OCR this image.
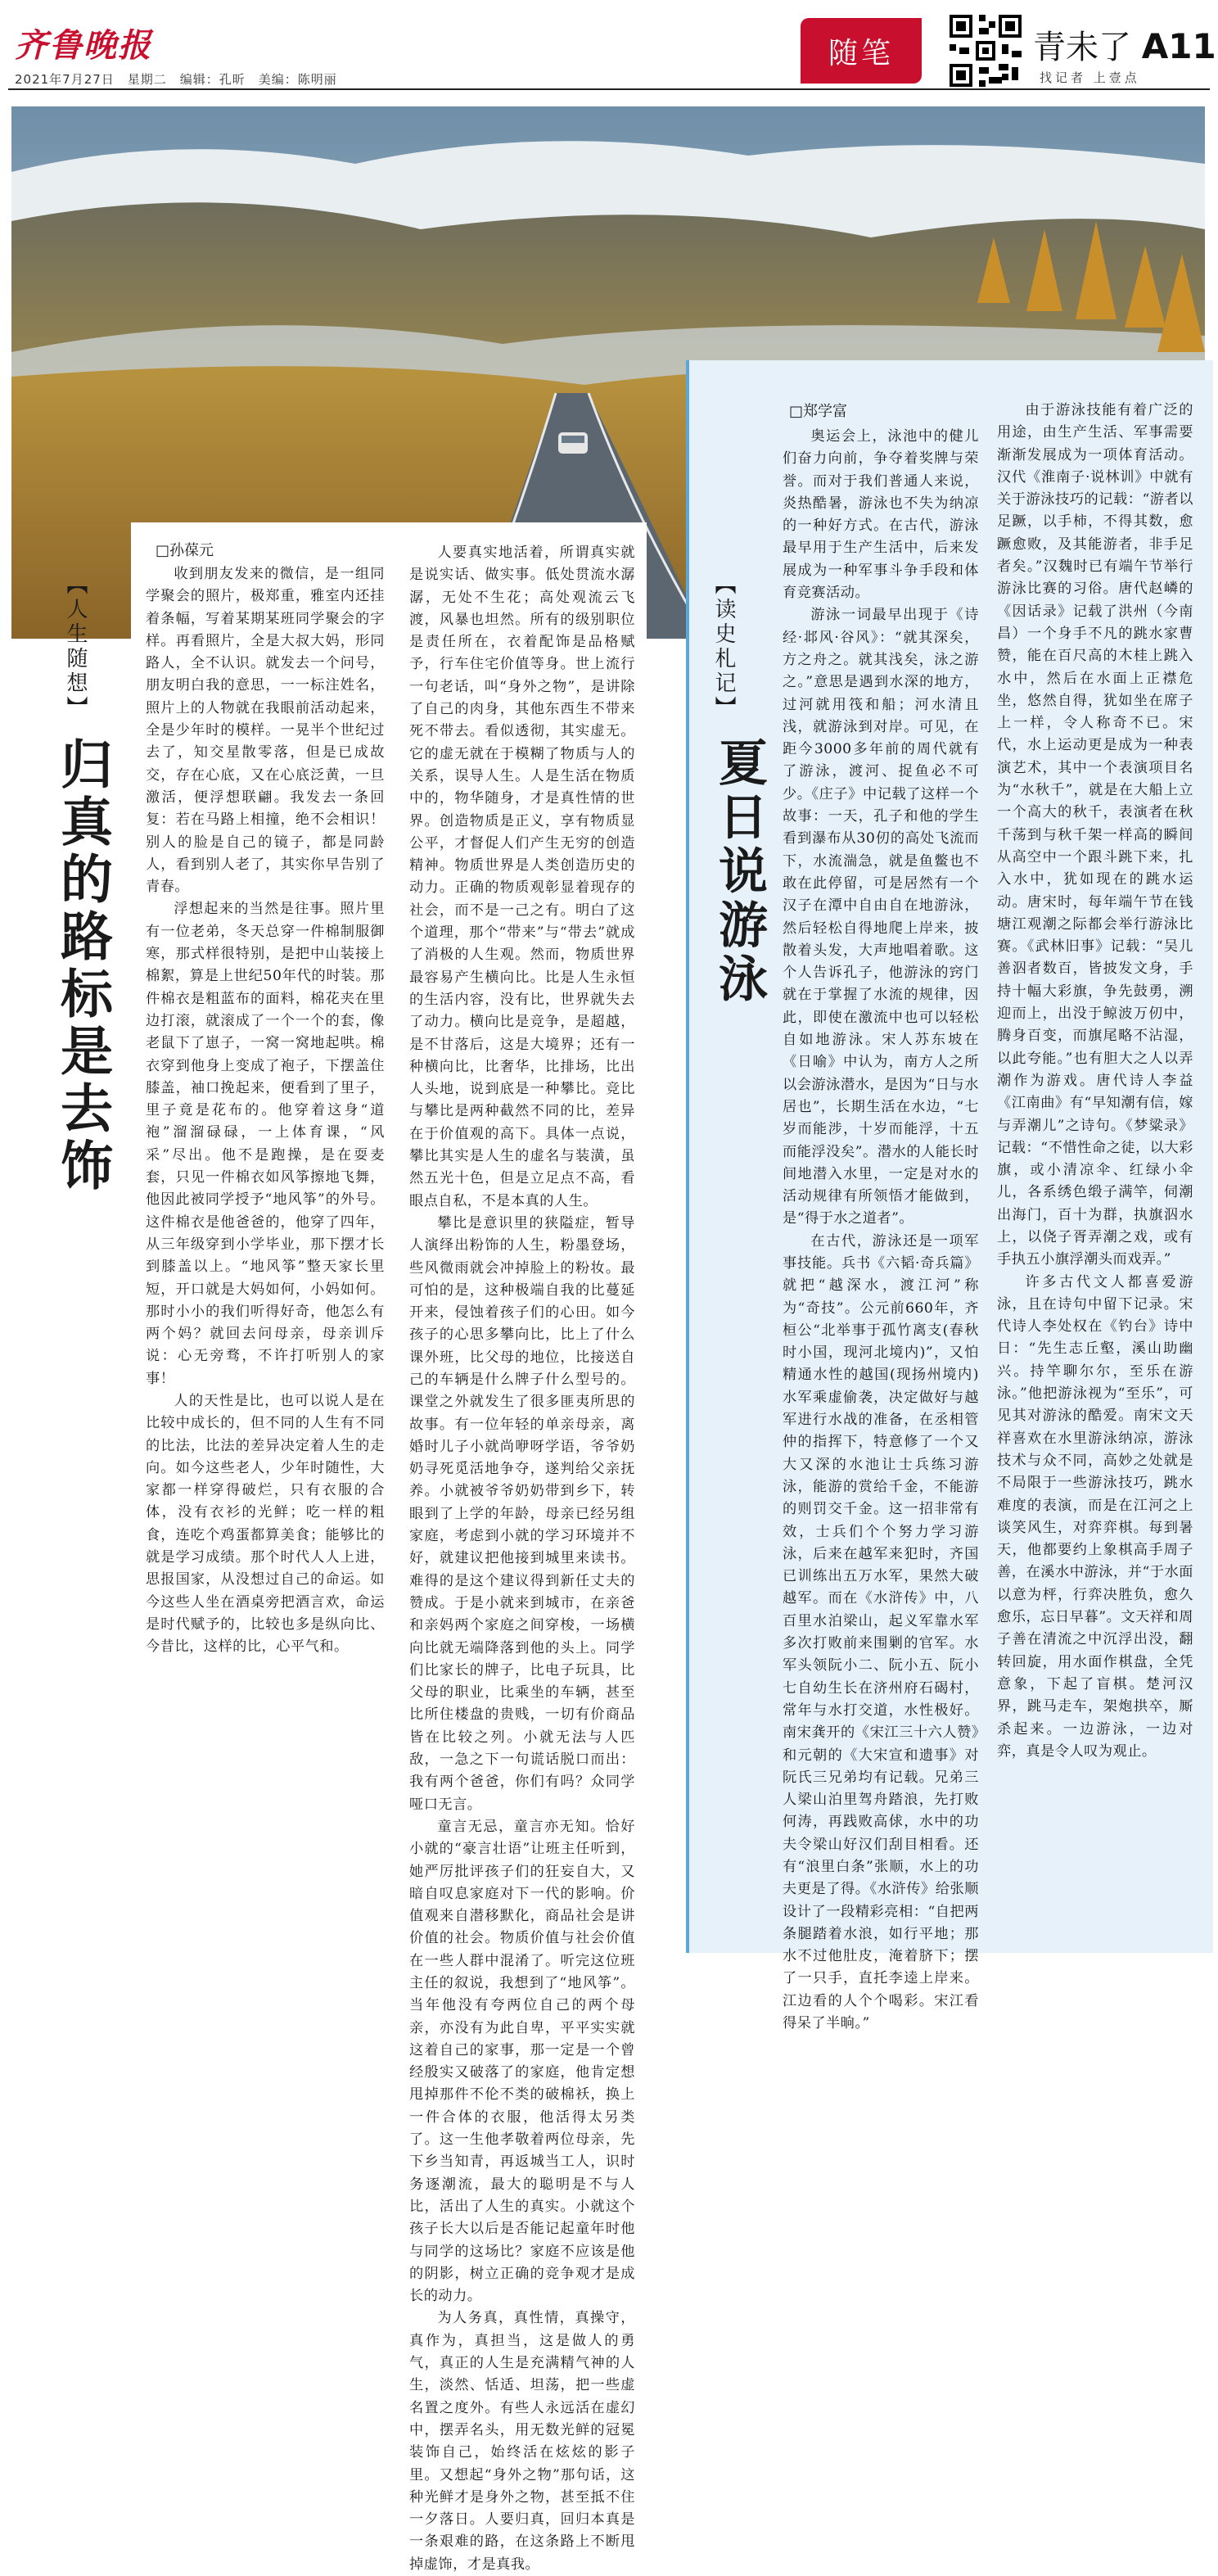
齐鲁晚报
2021年7月27日　星期二　编辑：孔昕　美编：陈明丽
随笔	青未了 A11
找记者 上壹点
【人生随想】
归真的路标是去饰
□孙葆元

收到朋友发来的微信，是一组同学聚会的照片，极郑重，雅室内还挂着条幅，写着某期某班同学聚会的字样。再看照片，全是大叔大妈，形同路人，全不认识。就发去一个问号，朋友明白我的意思，一一标注姓名，照片上的人物就在我眼前活动起来，全是少年时的模样。一晃半个世纪过去了，知交星散零落，但是已成故交，存在心底，又在心底泛黄，一旦激活，便浮想联翩。我发去一条回复：若在马路上相撞，绝不会相识！别人的脸是自己的镜子，都是同龄人，看到别人老了，其实你早告别了青春。

浮想起来的当然是往事。照片里有一位老弟，冬天总穿一件棉制服御寒，那式样很特别，是把中山装接上棉絮，算是上世纪50年代的时装。那件棉衣是粗蓝布的面料，棉花夹在里边打滚，就滚成了一个一个的套，像老鼠下了崽子，一窝一窝地起哄。棉衣穿到他身上变成了袍子，下摆盖住膝盖，袖口挽起来，便看到了里子，里子竟是花布的。他穿着这身“道袍”溜溜碌碌，一上体育课，“风采”尽出。他不是跑操，是在耍麦套，只见一件棉衣如风筝擦地飞舞，他因此被同学授予“地风筝”的外号。这件棉衣是他爸爸的，他穿了四年，从三年级穿到小学毕业，那下摆才长到膝盖以上。“地风筝”整天家长里短，开口就是大妈如何，小妈如何。那时小小的我们听得好奇，他怎么有两个妈？就回去问母亲，母亲训斥说：心无旁骛，不许打听别人的家事！

人的天性是比，也可以说人是在比较中成长的，但不同的人生有不同的比法，比法的差异决定着人生的走向。如今这些老人，少年时随性，大家都一样穿得破烂，只有衣服的合体，没有衣衫的光鲜；吃一样的粗食，连吃个鸡蛋都算美食；能够比的就是学习成绩。那个时代人人上进，思报国家，从没想过自己的命运。如今这些人坐在酒桌旁把酒言欢，命运是时代赋予的，比较也多是纵向比、今昔比，这样的比，心平气和。

人要真实地活着，所谓真实就是说实话、做实事。低处贯流水潺潺，无处不生花；高处观流云飞渡，风暴也坦然。所有的级别职位是责任所在，衣着配饰是品格赋予，行车住宅价值等身。世上流行一句老话，叫“身外之物”，是讲除了自己的肉身，其他东西生不带来死不带去。看似透彻，其实虚无。它的虚无就在于模糊了物质与人的关系，误导人生。人是生活在物质中的，物华随身，才是真性情的世界。创造物质是正义，享有物质显公平，才督促人们产生无穷的创造精神。物质世界是人类创造历史的动力。正确的物质观彰显着现存的社会，而不是一己之有。明白了这个道理，那个“带来”与“带去”就成了消极的人生观。然而，物质世界最容易产生横向比。比是人生永恒的生活内容，没有比，世界就失去了动力。横向比是竞争，是超越，是不甘落后，这是大境界；还有一种横向比，比奢华，比排场，比出人头地，说到底是一种攀比。竞比与攀比是两种截然不同的比，差异在于价值观的高下。具体一点说，攀比其实是人生的虚名与装潢，虽然五光十色，但是立足点不高，看眼点自私，不是本真的人生。

攀比是意识里的狭隘症，暂导人演绎出粉饰的人生，粉墨登场，些风微雨就会冲掉脸上的粉妆。最可怕的是，这种极端自我的比蔓延开来，侵蚀着孩子们的心田。如今孩子的心思多攀向比，比上了什么课外班，比父母的地位，比接送自己的车辆是什么牌子什么型号的。课堂之外就发生了很多匪夷所思的故事。有一位年轻的单亲母亲，离婚时儿子小就尚咿呀学语，爷爷奶奶寻死觅活地争夺，遂判给父亲抚养。小就被爷爷奶奶带到乡下，转眼到了上学的年龄，母亲已经另组家庭，考虑到小就的学习环境并不好，就建议把他接到城里来读书。难得的是这个建议得到新任丈夫的赞成。于是小就来到城市，在亲爸和亲妈两个家庭之间穿梭，一场横向比就无端降落到他的头上。同学们比家长的牌子，比电子玩具，比父母的职业，比乘坐的车辆，甚至比所住楼盘的贵贱，一切有价商品皆在比较之列。小就无法与人匹敌，一急之下一句谎话脱口而出：我有两个爸爸，你们有吗？众同学哑口无言。

童言无忌，童言亦无知。恰好小就的“豪言壮语”让班主任听到，她严厉批评孩子们的狂妄自大，又暗自叹息家庭对下一代的影响。价值观来自潜移默化，商品社会是讲价值的社会。物质价值与社会价值在一些人群中混淆了。听完这位班主任的叙说，我想到了“地风筝”。当年他没有夸两位自己的两个母亲，亦没有为此自卑，平平实实就这着自己的家事，那一定是一个曾经殷实又破落了的家庭，他肯定想甩掉那件不伦不类的破棉袄，换上一件合体的衣服，他活得太另类了。这一生他孝敬着两位母亲，先下乡当知青，再返城当工人，识时务逐潮流，最大的聪明是不与人比，活出了人生的真实。小就这个孩子长大以后是否能记起童年时他与同学的这场比？家庭不应该是他的阴影，树立正确的竞争观才是成长的动力。

为人务真，真性情，真操守，真作为，真担当，这是做人的勇气，真正的人生是充满精气神的人生，淡然、恬适、坦荡，把一些虚名置之度外。有些人永远活在虚幻中，摆弄名头，用无数光鲜的冠冕装饰自己，始终活在炫炫的影子里。又想起“身外之物”那句话，这种光鲜才是身外之物，甚至抵不住一夕落日。人要归真，回归本真是一条艰难的路，在这条路上不断甩掉虚饰，才是真我。

【读史札记】
夏日说游泳
□郑学富

奥运会上，泳池中的健儿们奋力向前，争夺着奖牌与荣誉。而对于我们普通人来说，炎热酷暑，游泳也不失为纳凉的一种好方式。在古代，游泳最早用于生产生活中，后来发展成为一种军事斗争手段和体育竞赛活动。

游泳一词最早出现于《诗经·邶风·谷风》：“就其深矣，方之舟之。就其浅矣，泳之游之。”意思是遇到水深的地方，过河就用筏和船；河水清且浅，就游泳到对岸。可见，在距今3000多年前的周代就有了游泳，渡河、捉鱼必不可少。《庄子》中记载了这样一个故事：一天，孔子和他的学生看到瀑布从30仞的高处飞流而下，水流湍急，就是鱼鳖也不敢在此停留，可是居然有一个汉子在潭中自由自在地游泳，然后轻松自得地爬上岸来，披散着头发，大声地唱着歌。这个人告诉孔子，他游泳的窍门就在于掌握了水流的规律，因此，即使在激流中也可以轻松自如地游泳。宋人苏东坡在《日喻》中认为，南方人之所以会游泳潜水，是因为“日与水居也”，长期生活在水边，“七岁而能涉，十岁而能浮，十五而能浮没矣”。潜水的人能长时间地潜入水里，一定是对水的活动规律有所领悟才能做到，是“得于水之道者”。

在古代，游泳还是一项军事技能。兵书《六韬·奇兵篇》就把“越深水，渡江河”称为“奇技”。公元前660年，齐桓公“北举事于孤竹离支(春秋时小国，现河北境内)”，又怕精通水性的越国(现扬州境内)水军乘虚偷袭，决定做好与越军进行水战的准备，在丞相管仲的指挥下，特意修了一个又大又深的水池让士兵练习游泳，能游的赏给千金，不能游的则罚交千金。这一招非常有效，士兵们个个努力学习游泳，后来在越军来犯时，齐国已训练出五万水军，果然大破越军。而在《水浒传》中，八百里水泊梁山，起义军靠水军多次打败前来围剿的官军。水军头领阮小二、阮小五、阮小七自幼生长在济州府石碣村，常年与水打交道，水性极好。南宋龚开的《宋江三十六人赞》和元朝的《大宋宣和遗事》对阮氏三兄弟均有记载。兄弟三人梁山泊里驾舟踏浪，先打败何涛，再践败高俅，水中的功夫令梁山好汉们刮目相看。还有“浪里白条”张顺，水上的功夫更是了得。《水浒传》给张顺设计了一段精彩亮相：“自把两条腿踏着水浪，如行平地；那水不过他肚皮，淹着脐下；摆了一只手，直托李逵上岸来。江边看的人个个喝彩。宋江看得呆了半晌。”

由于游泳技能有着广泛的用途，由生产生活、军事需要渐渐发展成为一项体育活动。汉代《淮南子·说林训》中就有关于游泳技巧的记载：“游者以足蹶，以手柿，不得其数，愈蹶愈败，及其能游者，非手足者矣。”汉魏时已有端午节举行游泳比赛的习俗。唐代赵嶙的《因话录》记载了洪州（今南昌）一个身手不凡的跳水家曹赞，能在百尺高的木桂上跳入水中，然后在水面上正襟危坐，悠然自得，犹如坐在席子上一样，令人称奇不已。宋代，水上运动更是成为一种表演艺术，其中一个表演项目名为“水秋千”，就是在大船上立一个高大的秋千，表演者在秋千荡到与秋千架一样高的瞬间从高空中一个跟斗跳下来，扎入水中，犹如现在的跳水运动。唐宋时，每年端午节在钱塘江观潮之际都会举行游泳比赛。《武林旧事》记载：“吴儿善泅者数百，皆披发文身，手持十幅大彩旗，争先鼓勇，溯迎而上，出没于鲸波万仞中，腾身百变，而旗尾略不沾湿，以此夸能。”也有胆大之人以弄潮作为游戏。唐代诗人李益《江南曲》有“早知潮有信，嫁与弄潮儿”之诗句。《梦粱录》记载：“不惜性命之徒，以大彩旗，或小清凉伞、红绿小伞儿，各系绣色缎子满竿，伺潮出海门，百十为群，执旗泅水上，以侥子胥弄潮之戏，或有手执五小旗浮潮头而戏弄。”

许多古代文人都喜爱游泳，且在诗句中留下记录。宋代诗人李处权在《钓台》诗中日：“先生志丘壑，溪山助幽兴。持竿聊尔尔，至乐在游泳。”他把游泳视为“至乐”，可见其对游泳的酷爱。南宋文天祥喜欢在水里游泳纳凉，游泳技术与众不同，高妙之处就是不局限于一些游泳技巧，跳水难度的表演，而是在江河之上谈笑风生，对弈弈棋。每到暑天，他都要约上象棋高手周子善，在溪水中游泳，并“于水面以意为枰，行弈决胜负，愈久愈乐，忘日早暮”。文天祥和周子善在清流之中沉浮出没，翻转回旋，用水面作棋盘，全凭意象，下起了盲棋。楚河汉界，跳马走车，架炮拱卒，厮杀起来。一边游泳，一边对弈，真是令人叹为观止。
